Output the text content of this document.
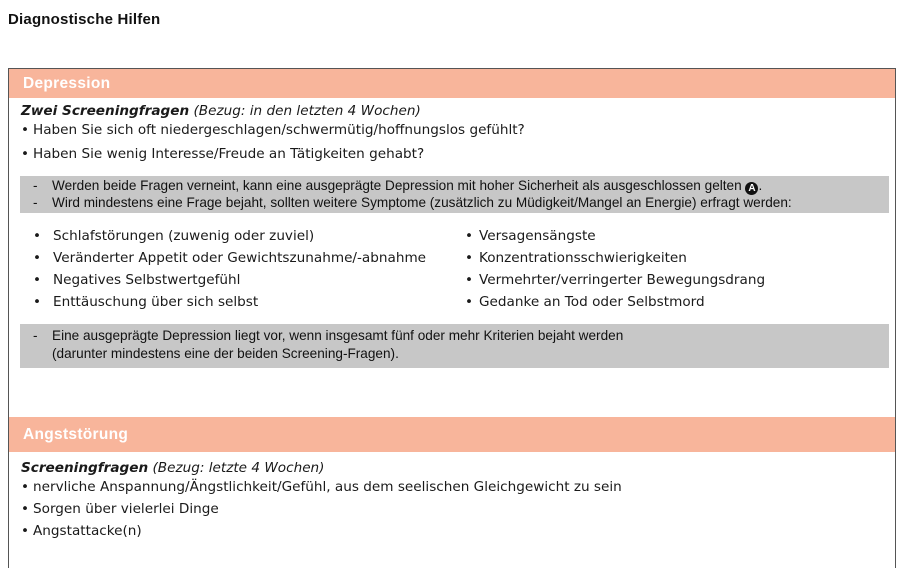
Diagnostische Hilfen
Depression
Zwei Screeningfragen (Bezug: in den letzten 4 Wochen)
• Haben Sie sich oft niedergeschlagen/schwermütig/hoffnungslos gefühlt?
• Haben Sie wenig Interesse/Freude an Tätigkeiten gehabt?
- Werden beide Fragen verneint, kann eine ausgeprägte Depression mit hoher Sicherheit als ausgeschlossen gelten A .
- Wird mindestens eine Frage bejaht, sollten weitere Symptome (zusätzlich zu Müdigkeit/Mangel an Energie) erfragt werden:
• Schlafstörungen (zuwenig oder zuviel)
• Veränderter Appetit oder Gewichtszunahme/-abnahme
• Negatives Selbstwertgefühl
• Enttäuschung über sich selbst
• Versagensängste
• Konzentrationsschwierigkeiten
• Vermehrter/verringerter Bewegungsdrang
• Gedanke an Tod oder Selbstmord
- Eine ausgeprägte Depression liegt vor, wenn insgesamt fünf oder mehr Kriterien bejaht werden
(darunter mindestens eine der beiden Screening-Fragen).
Angststörung
Screeningfragen (Bezug: letzte 4 Wochen)
• nervliche Anspannung/Ängstlichkeit/Gefühl, aus dem seelischen Gleichgewicht zu sein
• Sorgen über vielerlei Dinge
• Angstattacke(n)
